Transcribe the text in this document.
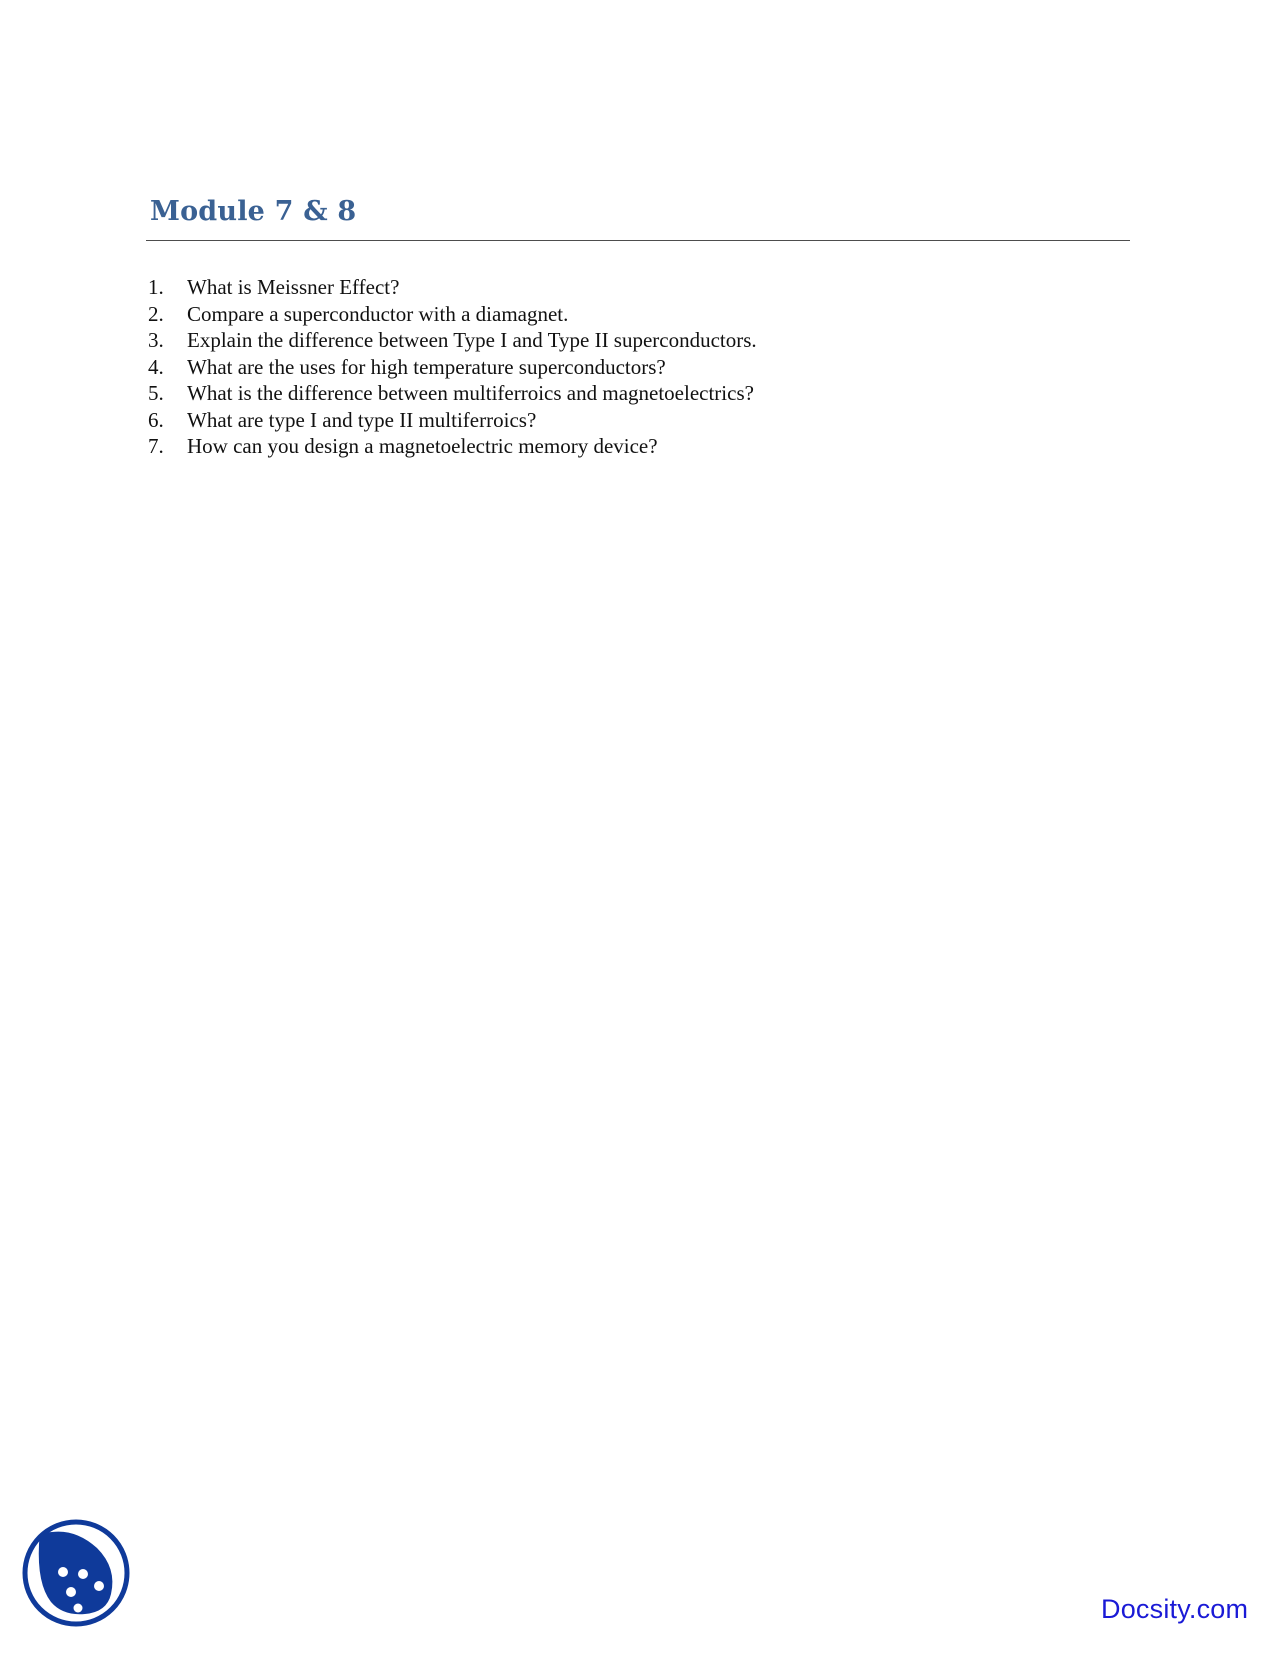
Module 7 & 8
1. What is Meissner Effect?
2. Compare a superconductor with a diamagnet.
3. Explain the difference between Type I and Type II superconductors.
4. What are the uses for high temperature superconductors?
5. What is the difference between multiferroics and magnetoelectrics?
6. What are type I and type II multiferroics?
7. How can you design a magnetoelectric memory device?
Docsity.com
